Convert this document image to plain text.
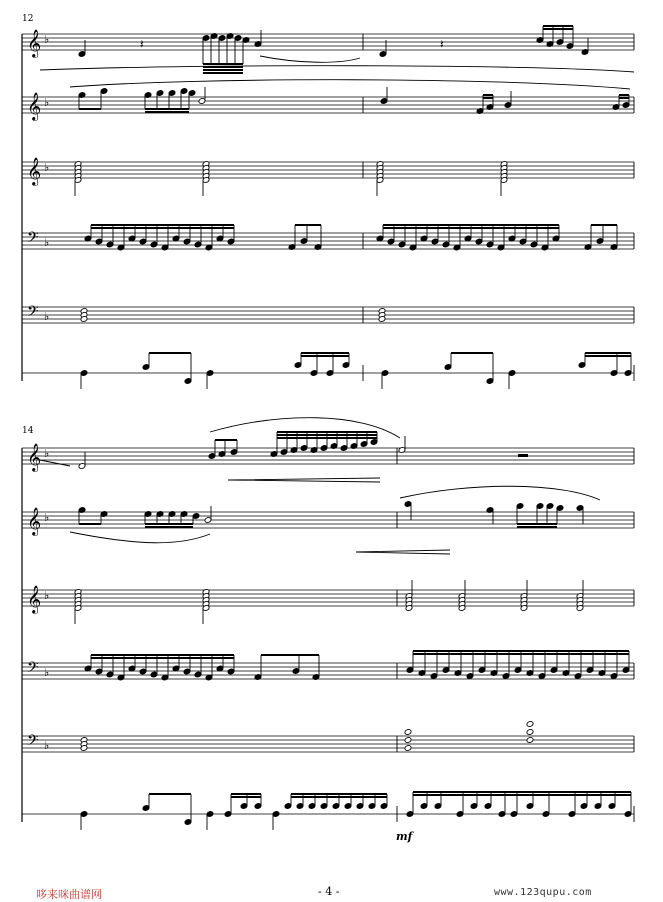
12
14
𝄞 ♭
𝄞 ♭
𝄞 ♭
𝄢 ♭
𝄢 ♭
𝄞 ♭
𝄞 ♭
𝄞 ♭
𝄢 ♭
𝄢 ♭
𝄽	𝄽
mf
哆来咪曲谱网	- 4 -	www.123qupu.com
